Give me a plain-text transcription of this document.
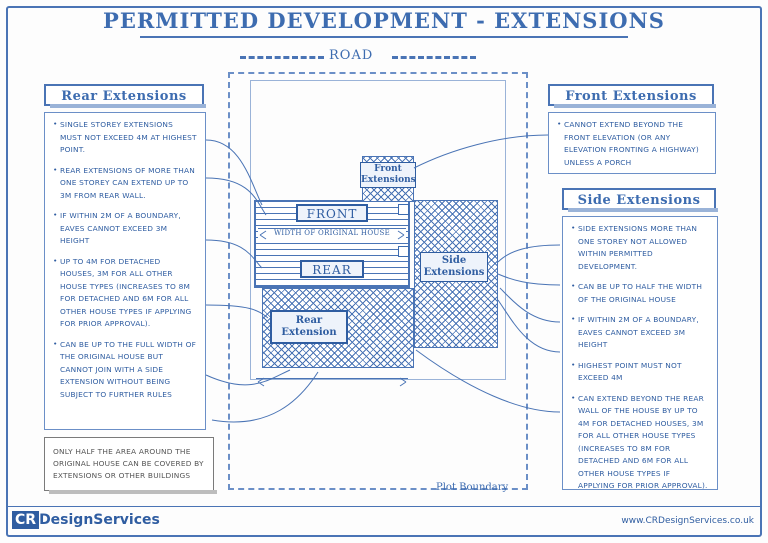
PERMITTED DEVELOPMENT - EXTENSIONS
ROAD
Plot Boundary
FRONT
WIDTH OF ORIGINAL HOUSE
REAR
Front Extensions
Side Extensions
Rear Extension
Rear Extensions
• SINGLE STOREY EXTENSIONS MUST NOT EXCEED 4M AT HIGHEST POINT.
• REAR EXTENSIONS OF MORE THAN ONE STOREY CAN EXTEND UP TO 3M FROM REAR WALL.
• IF WITHIN 2M OF A BOUNDARY, EAVES CANNOT EXCEED 3M HEIGHT
• UP TO 4M FOR DETACHED HOUSES, 3M FOR ALL OTHER HOUSE TYPES (INCREASES TO 8M FOR DETACHED AND 6M FOR ALL OTHER HOUSE TYPES IF APPLYING FOR PRIOR APPROVAL).
• CAN BE UP TO THE FULL WIDTH OF THE ORIGINAL HOUSE BUT CANNOT JOIN WITH A SIDE EXTENSION WITHOUT BEING SUBJECT TO FURTHER RULES
Front Extensions
• CANNOT EXTEND BEYOND THE FRONT ELEVATION (OR ANY ELEVATION FRONTING A HIGHWAY) UNLESS A PORCH
Side Extensions
• SIDE EXTENSIONS MORE THAN ONE STOREY NOT ALLOWED WITHIN PERMITTED DEVELOPMENT.
• CAN BE UP TO HALF THE WIDTH OF THE ORIGINAL HOUSE
• IF WITHIN 2M OF A BOUNDARY, EAVES CANNOT EXCEED 3M HEIGHT
• HIGHEST POINT MUST NOT EXCEED 4M
• CAN EXTEND BEYOND THE REAR WALL OF THE HOUSE BY UP TO 4M FOR DETACHED HOUSES, 3M FOR ALL OTHER HOUSE TYPES (INCREASES TO 8M FOR DETACHED AND 6M FOR ALL OTHER HOUSE TYPES IF APPLYING FOR PRIOR APPROVAL).

ONLY HALF THE AREA AROUND THE ORIGINAL HOUSE CAN BE COVERED BY EXTENSIONS OR OTHER BUILDINGS

CR DesignServices	www.CRDesignServices.co.uk
